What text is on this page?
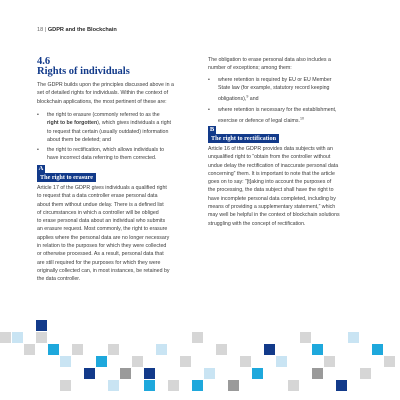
18 | GDPR and the Blockchain
4.6
Rights of individuals

The GDPR builds upon the principles discussed above in a
set of detailed rights for individuals. Within the context of
blockchain applications, the most pertinent of these are:

• the right to erasure (commonly referred to as the
right to be forgotten), which gives individuals a right
to request that certain (usually outdated) information
about them be deleted; and
• the right to rectification, which allows individuals to
have incorrect data referring to them corrected.
A
The right to erasure

Article 17 of the GDPR gives individuals a qualified right
to request that a data controller erase personal data
about them without undue delay. There is a defined list
of circumstances in which a controller will be obliged
to erase personal data about an individual who submits
an erasure request. Most commonly, the right to erasure
applies where the personal data are no longer necessary
in relation to the purposes for which they were collected
or otherwise processed. As a result, personal data that
are still required for the purposes for which they were
originally collected can, in most instances, be retained by
the data controller.

The obligation to erase personal data also includes a
number of exceptions; among them:

• where retention is required by EU or EU Member
State law (for example, statutory record keeping
obligations),$^9$ and
• where retention is necessary for the establishment,
exercise or defence of legal claims.$^{10}$
B
The right to rectification

Article 16 of the GDPR provides data subjects with an
unqualified right to “obtain from the controller without
undue delay the rectification of inaccurate personal data
concerning” them. It is important to note that the article
goes on to say: “[t]aking into account the purposes of
the processing, the data subject shall have the right to
have incomplete personal data completed, including by
means of providing a supplementary statement,” which
may well be helpful in the context of blockchain solutions
struggling with the concept of rectification.
